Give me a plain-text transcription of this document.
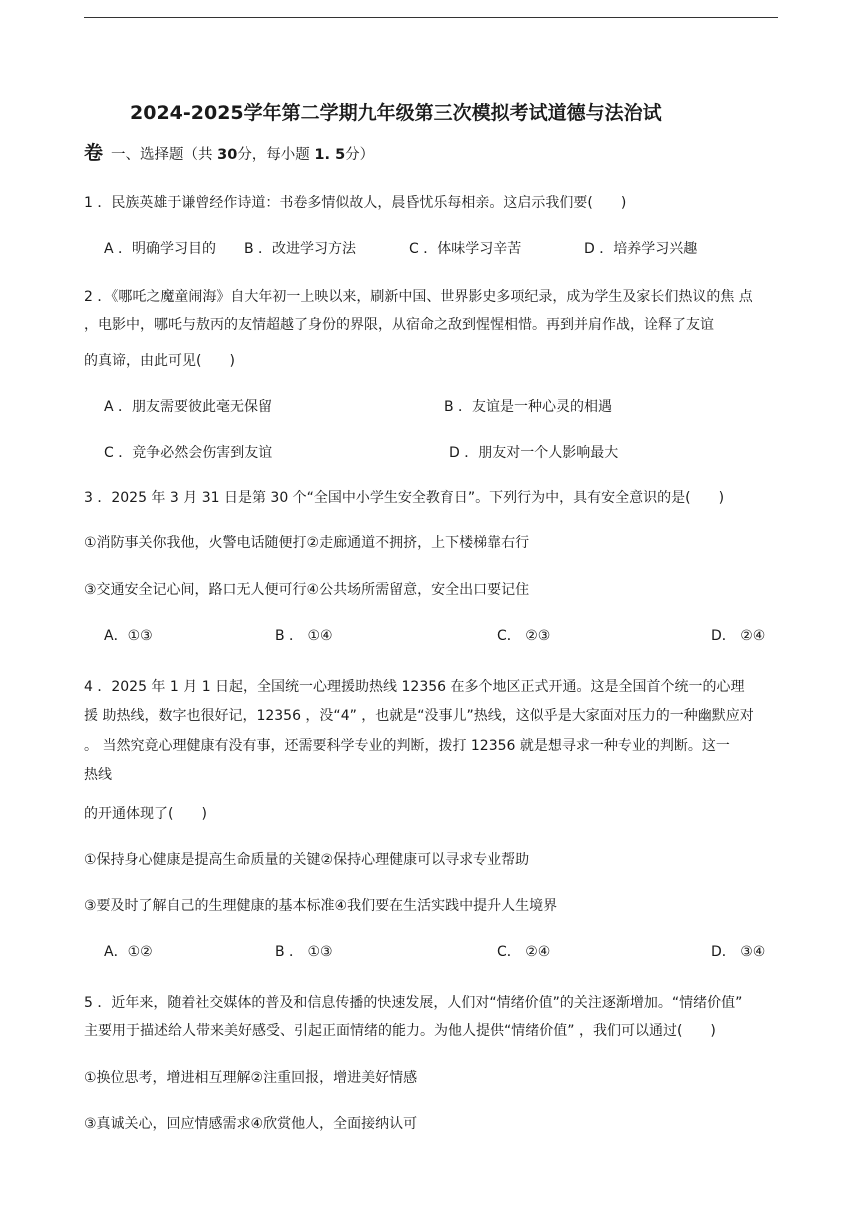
2024-2025学年第二学期九年级第三次模拟考试道德与法治试
卷 一、选择题（共 30分，每小题 1. 5分）
1 ．民族英雄于谦曾经作诗道：书卷多情似故人，晨昏忧乐每相亲。这启示我们要(　　)
A ．明确学习目的 B ．改进学习方法	C ．体味学习辛苦	D ．培养学习兴趣
2 ．《哪吒之魔童闹海》自大年初一上映以来，刷新中国、世界影史多项纪录，成为学生及家长们热议的焦 点
，电影中，哪吒与敖丙的友情超越了身份的界限，从宿命之敌到惺惺相惜。再到并肩作战，诠释了友谊
的真谛，由此可见(　　)
A ．朋友需要彼此毫无保留	B ．友谊是一种心灵的相遇
C ．竞争必然会伤害到友谊	D ．朋友对一个人影响最大
3 ．2025 年 3 月 31 日是第 30 个“全国中小学生安全教育日”。下列行为中，具有安全意识的是(　　)
①消防事关你我他，火警电话随便打②走廊通道不拥挤，上下楼梯靠右行
③交通安全记心间，路口无人便可行④公共场所需留意，安全出口要记住
A．①③	B ． ①④	C． ②③	D． ②④
4 ．2025 年 1 月 1 日起，全国统一心理援助热线 12356 在多个地区正式开通。这是全国首个统一的心理
援 助热线，数字也很好记，12356 ，没“4” ，也就是“没事儿”热线，这似乎是大家面对压力的一种幽默应对
。 当然究竟心理健康有没有事，还需要科学专业的判断，拨打 12356 就是想寻求一种专业的判断。这一
热线
的开通体现了(　　)
①保持身心健康是提高生命质量的关键②保持心理健康可以寻求专业帮助
③要及时了解自己的生理健康的基本标准④我们要在生活实践中提升人生境界
A．①②	B ． ①③	C． ②④	D． ③④
5 ．近年来，随着社交媒体的普及和信息传播的快速发展，人们对“情绪价值”的关注逐渐增加。“情绪价值”
主要用于描述给人带来美好感受、引起正面情绪的能力。为他人提供“情绪价值” ，我们可以通过(　　)
①换位思考，增进相互理解②注重回报，增进美好情感
③真诚关心，回应情感需求④欣赏他人，全面接纳认可
